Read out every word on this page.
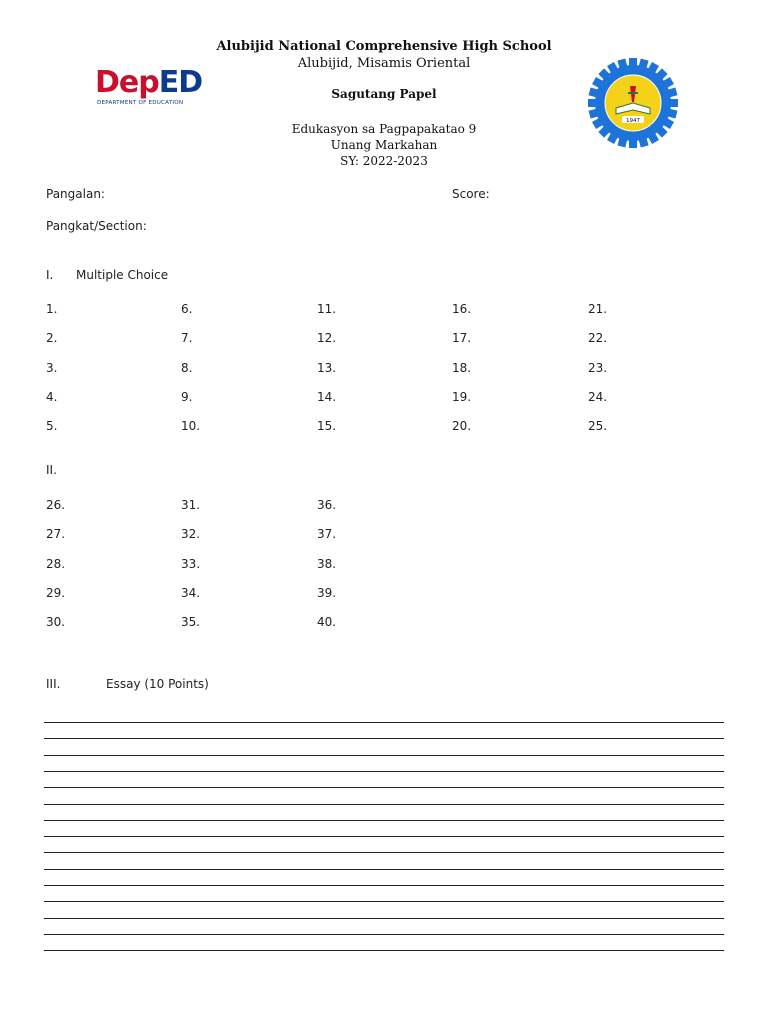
Alubijid National Comprehensive High School
Alubijid, Misamis Oriental
Sagutang Papel
Edukasyon sa Pagpapakatao 9
Unang Markahan
SY: 2022-2023
DepED
DEPARTMENT OF EDUCATION
1947
Pangalan:	Score:
Pangkat/Section:
I. Multiple Choice
1.
2.
3.
4.
5.
6.
7.
8.
9.
10.
11.
12.
13.
14.
15.
16.
17.
18.
19.
20.
21.
22.
23.
24.
25.
II.
26.
27.
28.
29.
30.
31.
32.
33.
34.
35.
36.
37.
38.
39.
40.
III.	Essay (10 Points)
